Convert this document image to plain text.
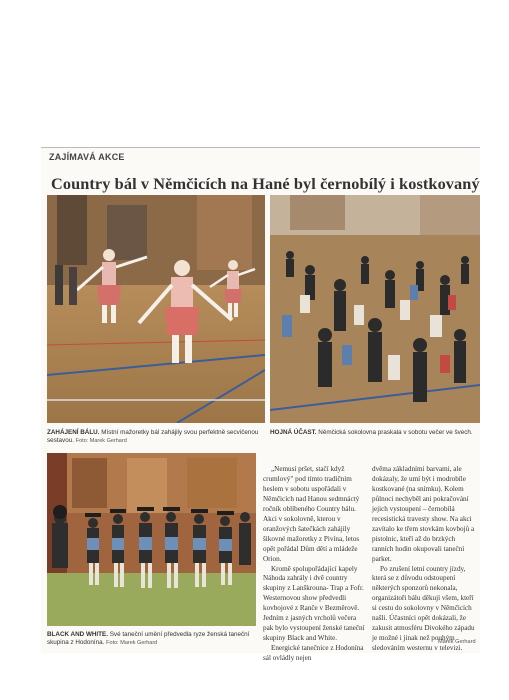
ZAJÍMAVÁ AKCE
Country bál v Němčicích na Hané byl černobílý i kostkovaný
ZAHÁJENÍ BÁLU. Místní mažoretky bál zahájily svou perfektně secvičenou sestavou. Foto: Marek Gerhard
HOJNÁ ÚČAST. Němčická sokolovna praskala v sobotu večer ve švech.
BLACK AND WHITE. Své taneční umění předvedla ryze ženská taneční skupina z Hodonína. Foto: Marek Gerhard

„Nemusí pršet, stačí když crumlový" pod tímto tradičním heslem v sobotu uspořádali v Němčicích nad Hanou sedmnáctý ročník oblíbeného Country bálu. Akci v sokolovně, kterou v oranžových šatečkách zahájily šikovné mažoretky z Pivína, letos opět pořádal Dům dětí a mládeže Orion.

Kromě spolupořádající kapely Náhoda zahrály i dvě country skupiny z Lanškrouna- Trap a Fofr. Westernovou show předvedli kovbojové z Ranče v Bezměrově. Jedním z jasných vrcholů večera pak bylo vystoupení ženské taneční skupiny Black and White.

Energické tanečnice z Hodonína sál ovládly nejen

dvěma základními barvami, ale dokázaly, že umí být i modrobíle kostkované (na snímku). Kolem půlnoci nechyběl ani pokračování jejich vystoupení – černobílá recesistická travesty show. Na akci zavítalo ke třem stovkám kovbojů a pistolnic, kteří až do brzkých ranních hodin okupovali taneční parket.

Po zrušení letní country jízdy, která se z důvodu odstoupení některých sponzorů nekonala, organizátoři bálu děkují všem, kteří si cestu do sokolovny v Němčicích našli. Účastníci opět dokázali, že zakusit atmosféru Divokého západu je možné i jinak než pouhým sledováním westernu v televizi.

Marek Gerhard
